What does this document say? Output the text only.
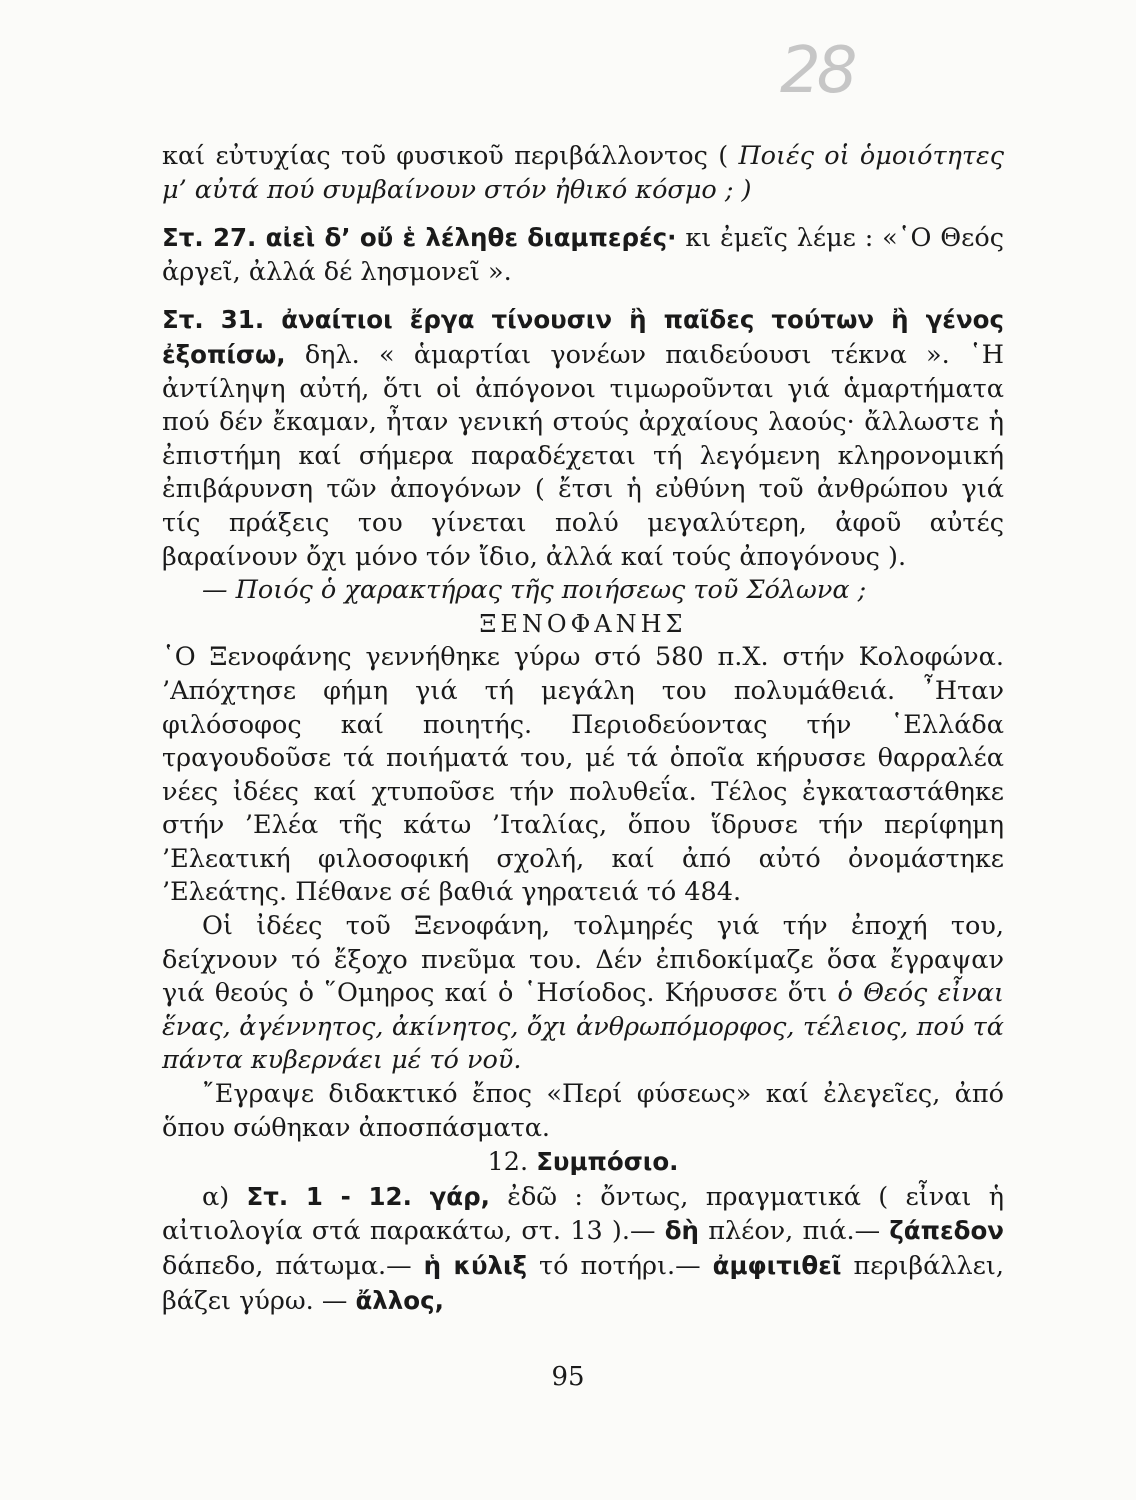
28

καί εὐτυχίας τοῦ φυσικοῦ περιβάλλοντος ( Ποιές οἱ ὁμοιότητες μ’ αὐτά πού συμβαίνουν στόν ἠθικό κόσμο ; )

Στ. 27. αἰεὶ δ’ οὔ ἑ λέληθε διαμπερές· κι ἐμεῖς λέμε : «῾Ο Θεός ἀργεῖ, ἀλλά δέ λησμονεῖ ».

Στ. 31. ἀναίτιοι ἔργα τίνουσιν ἢ παῖδες τούτων ἢ γένος ἐξοπίσω, δηλ. « ἁμαρτίαι γονέων παιδεύουσι τέκνα ». ῾Η ἀντίληψη αὐτή, ὅτι οἱ ἀπόγονοι τιμωροῦνται γιά ἁμαρτήματα πού δέν ἔκαμαν, ἦταν γενική στούς ἀρχαίους λαούς· ἄλλωστε ἡ ἐπιστήμη καί σήμερα παραδέχεται τή λεγόμενη κληρονομική ἐπιβάρυνση τῶν ἀπογόνων ( ἔτσι ἡ εὐθύνη τοῦ ἀνθρώπου γιά τίς πράξεις του γίνεται πολύ μεγαλύτερη, ἀφοῦ αὐτές βαραίνουν ὄχι μόνο τόν ἴδιο, ἀλλά καί τούς ἀπογόνους ).

— Ποιός ὁ χαρακτήρας τῆς ποιήσεως τοῦ Σόλωνα ;

ΞΕΝΟΦΑΝΗΣ

῾Ο Ξενοφάνης γεννήθηκε γύρω στό 580 π.Χ. στήν Κολοφώνα. ’Απόχτησε φήμη γιά τή μεγάλη του πολυμάθειά. ῏Ηταν φιλόσοφος καί ποιητής. Περιοδεύοντας τήν ῾Ελλάδα τραγουδοῦσε τά ποιήματά του, μέ τά ὁποῖα κήρυσσε θαρραλέα νέες ἰδέες καί χτυποῦσε τήν πολυθεΐα. Τέλος ἐγκαταστάθηκε στήν ’Ελέα τῆς κάτω ’Ιταλίας, ὅπου ἵδρυσε τήν περίφημη ’Ελεατική φιλοσοφική σχολή, καί ἀπό αὐτό ὀνομάστηκε ’Ελεάτης. Πέθανε σέ βαθιά γηρατειά τό 484.

Οἱ ἰδέες τοῦ Ξενοφάνη, τολμηρές γιά τήν ἐποχή του, δείχνουν τό ἔξοχο πνεῦμα του. Δέν ἐπιδοκίμαζε ὅσα ἔγραψαν γιά θεούς ὁ ῞Ομηρος καί ὁ ῾Ησίοδος. Κήρυσσε ὅτι ὁ Θεός εἶναι ἕνας, ἀγέννητος, ἀκίνητος, ὄχι ἀνθρωπόμορφος, τέλειος, πού τά πάντα κυβερνάει μέ τό νοῦ.

῎Εγραψε διδακτικό ἔπος «Περί φύσεως» καί ἐλεγεῖες, ἀπό ὅπου σώθηκαν ἀποσπάσματα.

12. Συμπόσιο.

α) Στ. 1 - 12. γάρ, ἐδῶ : ὄντως, πραγματικά ( εἶναι ἡ αἰτιολογία στά παρακάτω, στ. 13 ).— δὴ πλέον, πιά.— ζάπεδον δάπεδο, πάτωμα.— ἡ κύλιξ τό ποτήρι.— ἀμφιτιθεῖ περιβάλλει, βάζει γύρω. — ἄλλος,

95
